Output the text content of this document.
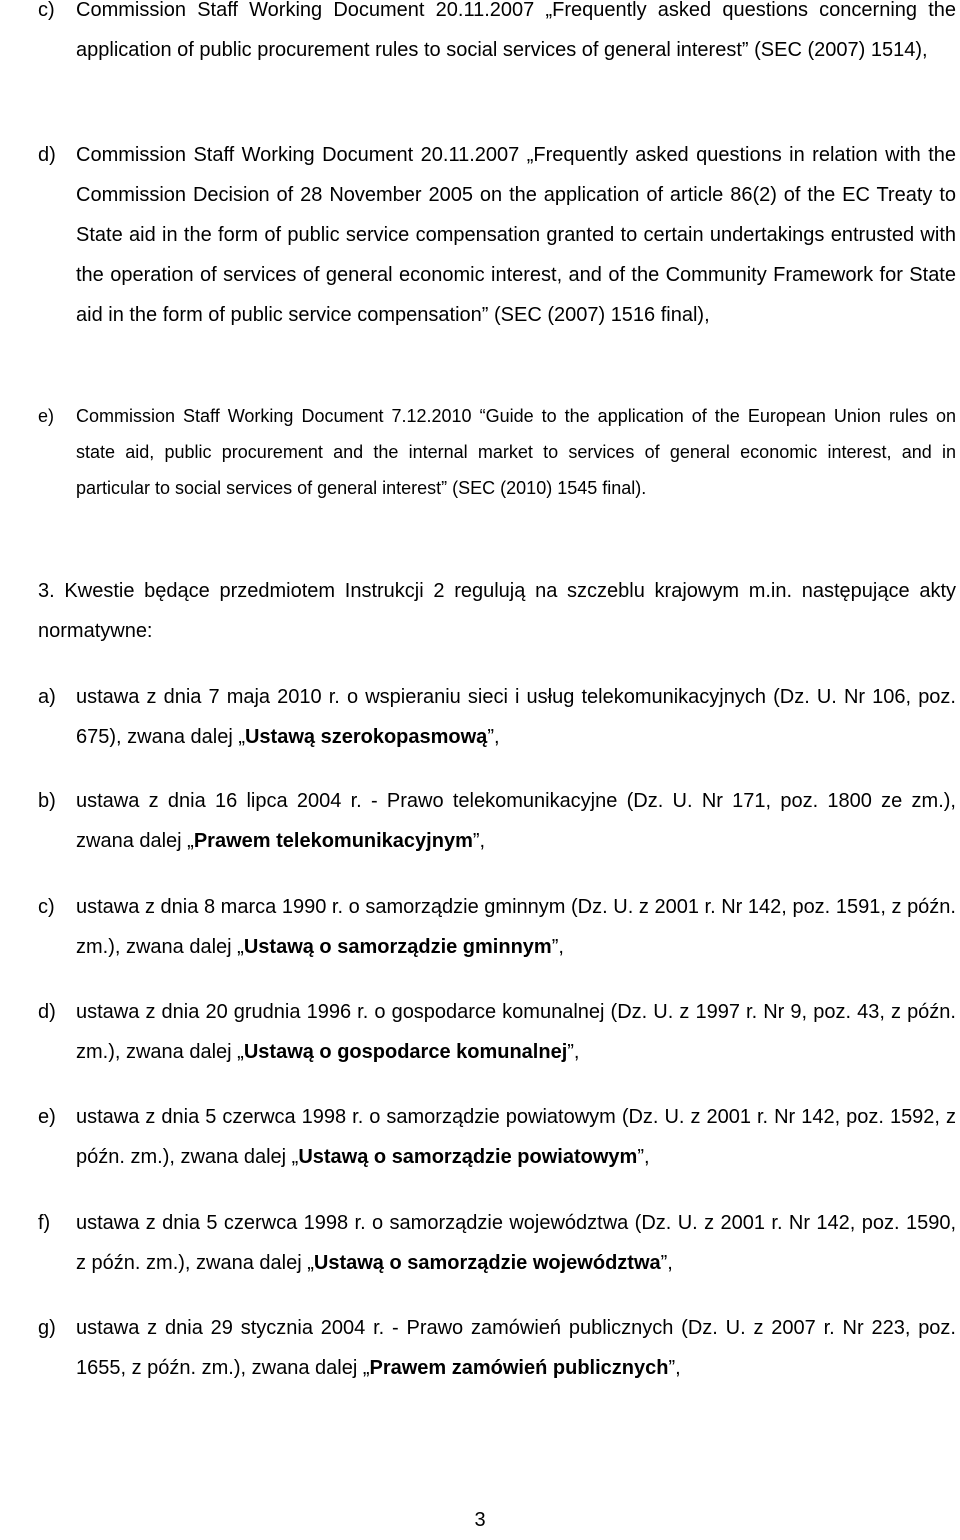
c) Commission Staff Working Document 20.11.2007 „Frequently asked questions concerning the application of public procurement rules to social services of general interest” (SEC (2007) 1514),
d) Commission Staff Working Document 20.11.2007 „Frequently asked questions in relation with the Commission Decision of 28 November 2005 on the application of article 86(2) of the EC Treaty to State aid in the form of public service compensation granted to certain undertakings entrusted with the operation of services of general economic interest, and of the Community Framework for State aid in the form of public service compensation” (SEC (2007) 1516 final),
e) Commission Staff Working Document 7.12.2010 “Guide to the application of the European Union rules on state aid, public procurement and the internal market to services of general economic interest, and in particular to social services of general interest” (SEC (2010) 1545 final).
3. Kwestie będące przedmiotem Instrukcji 2 regulują na szczeblu krajowym m.in. następujące akty normatywne:
a) ustawa z dnia 7 maja 2010 r. o wspieraniu sieci i usług telekomunikacyjnych (Dz. U. Nr 106, poz. 675), zwana dalej „Ustawą szerokopasmową”,
b) ustawa z dnia 16 lipca 2004 r. - Prawo telekomunikacyjne (Dz. U. Nr 171, poz. 1800 ze zm.), zwana dalej „Prawem telekomunikacyjnym”,
c) ustawa z dnia 8 marca 1990 r. o samorządzie gminnym (Dz. U. z 2001 r. Nr 142, poz. 1591, z późn. zm.), zwana dalej „Ustawą o samorządzie gminnym”,
d) ustawa z dnia 20 grudnia 1996 r. o gospodarce komunalnej (Dz. U. z 1997 r. Nr 9, poz. 43, z późn. zm.), zwana dalej „Ustawą o gospodarce komunalnej”,
e) ustawa z dnia 5 czerwca 1998 r. o samorządzie powiatowym (Dz. U. z 2001 r. Nr 142, poz. 1592, z późn. zm.), zwana dalej „Ustawą o samorządzie powiatowym”,
f) ustawa z dnia 5 czerwca 1998 r. o samorządzie województwa (Dz. U. z 2001 r. Nr 142, poz. 1590, z późn. zm.), zwana dalej „Ustawą o samorządzie województwa”,
g) ustawa z dnia 29 stycznia 2004 r. - Prawo zamówień publicznych (Dz. U. z 2007 r. Nr 223, poz. 1655, z późn. zm.), zwana dalej „Prawem zamówień publicznych”,
3
